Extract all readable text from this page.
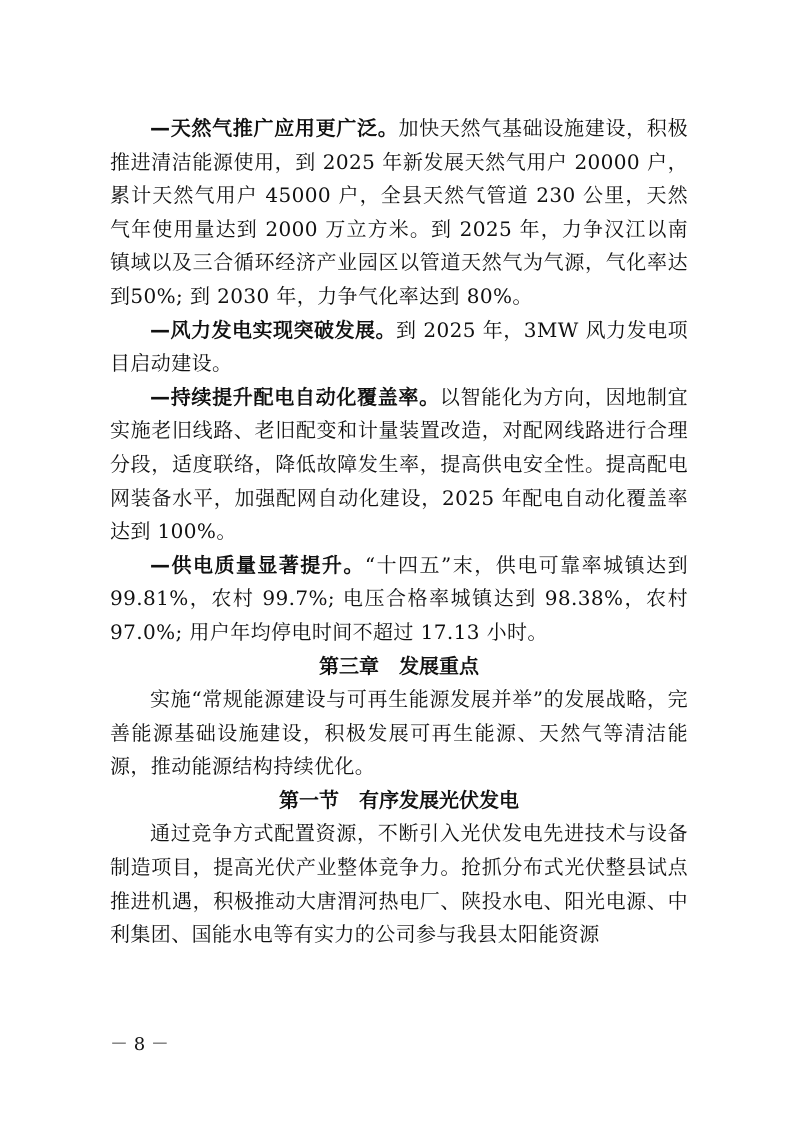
—天然气推广应用更广泛。加快天然气基础设施建设，积极推进清洁能源使用，到 2025 年新发展天然气用户 20000 户，累计天然气用户 45000 户，全县天然气管道 230 公里，天然气年使用量达到 2000 万立方米。到 2025 年，力争汉江以南镇域以及三合循环经济产业园区以管道天然气为气源，气化率达到50%; 到 2030 年，力争气化率达到 80%。

—风力发电实现突破发展。到 2025 年，3MW 风力发电项目启动建设。

—持续提升配电自动化覆盖率。以智能化为方向，因地制宜实施老旧线路、老旧配变和计量装置改造，对配网线路进行合理分段，适度联络，降低故障发生率，提高供电安全性。提高配电网装备水平，加强配网自动化建设，2025 年配电自动化覆盖率达到 100%。

—供电质量显著提升。“十四五”末，供电可靠率城镇达到 99.81%，农村 99.7%; 电压合格率城镇达到 98.38%，农村 97.0%; 用户年均停电时间不超过 17.13 小时。

第三章　发展重点

实施“常规能源建设与可再生能源发展并举”的发展战略，完善能源基础设施建设，积极发展可再生能源、天然气等清洁能源，推动能源结构持续优化。

第一节　有序发展光伏发电

通过竞争方式配置资源，不断引入光伏发电先进技术与设备制造项目，提高光伏产业整体竞争力。抢抓分布式光伏整县试点推进机遇，积极推动大唐渭河热电厂、陕投水电、阳光电源、中利集团、国能水电等有实力的公司参与我县太阳能资源

－ 8 －
